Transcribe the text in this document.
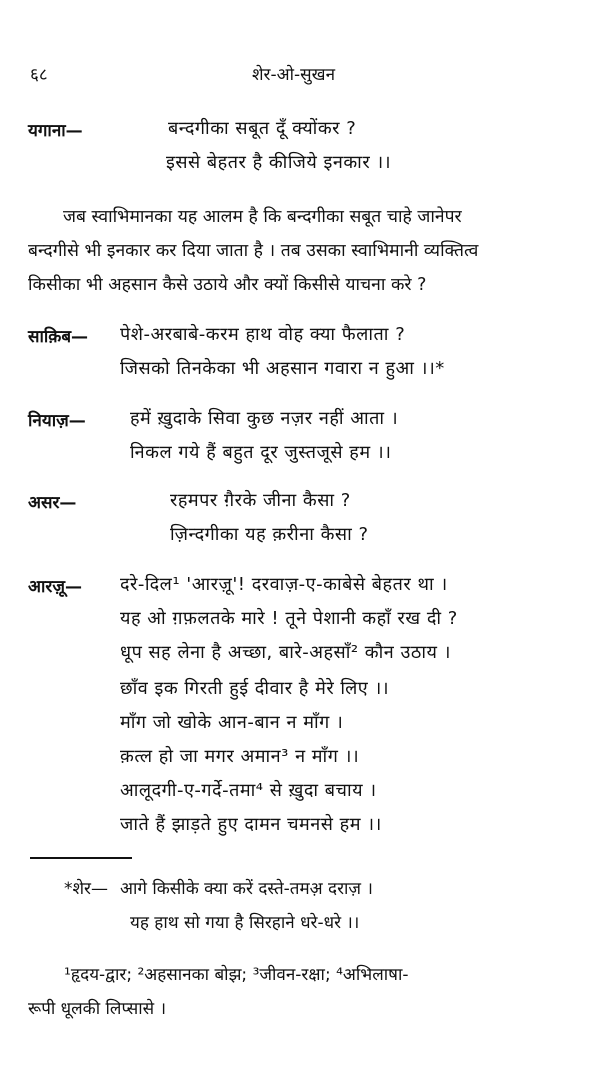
६८	शेर-ओ-सुखन
यगाना—	बन्दगीका सबूत दूँ क्योंकर ?
इससे बेहतर है कीजिये इनकार ।।
जब स्वाभिमानका यह आलम है कि बन्दगीका सबूत चाहे जानेपर
बन्दगीसे भी इनकार कर दिया जाता है । तब उसका स्वाभिमानी व्यक्तित्व
किसीका भी अहसान कैसे उठाये और क्यों किसीसे याचना करे ?
साक़िब— पेशे-अरबाबे-करम हाथ वोह क्या फैलाता ?
जिसको तिनकेका भी अहसान गवारा न हुआ ।।*
नियाज़— हमें ख़ुदाके सिवा कुछ नज़र नहीं आता ।
निकल गये हैं बहुत दूर जुस्तजूसे हम ।।
असर—	रहमपर ग़ैरके जीना कैसा ?
ज़िन्दगीका यह क़रीना कैसा ?
आरज़ू— दरे-दिल¹ 'आरज़ू'! दरवाज़-ए-काबेसे बेहतर था ।
यह ओ ग़फ़लतके मारे ! तूने पेशानी कहाँ रख दी ?
धूप सह लेना है अच्छा, बारे-अहसाँ² कौन उठाय ।
छाँव इक गिरती हुई दीवार है मेरे लिए ।।
माँग जो खोके आन-बान न माँग ।
क़त्ल हो जा मगर अमान³ न माँग ।।
आलूदगी-ए-गर्दे-तमा⁴ से ख़ुदा बचाय ।
जाते हैं झाड़ते हुए दामन चमनसे हम ।।
*शेर— आगे किसीके क्या करें दस्ते-तमअ़ दराज़ ।
यह हाथ सो गया है सिरहाने धरे-धरे ।।
¹हृदय-द्वार; ²अहसानका बोझ; ³जीवन-रक्षा; ⁴अभिलाषा-
रूपी धूलकी लिप्सासे ।
